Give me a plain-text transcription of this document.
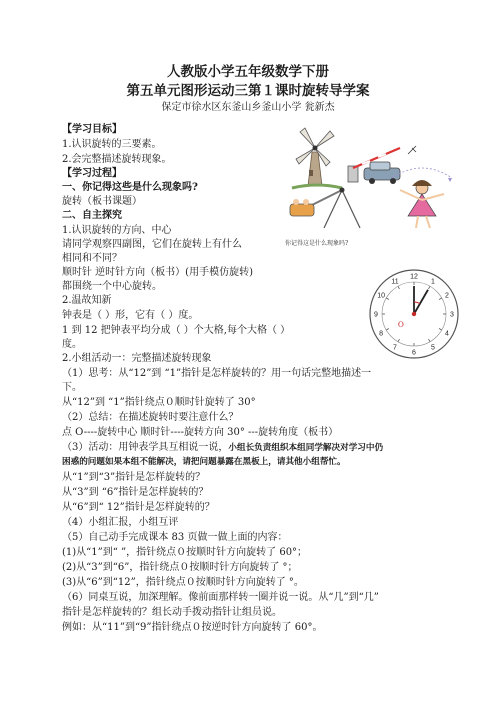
人教版小学五年级数学下册
第五单元图形运动三第１课时旋转导学案
保定市徐水区东釜山乡釜山小学 瓮新杰
【学习目标】
1.认识旋转的三要素。
2.会完整描述旋转现象。
【学习过程】
一、你记得这些是什么现象吗?
旋转（板书课题）
二、自主探究
1.认识旋转的方向、中心
请同学观察四副图，它们在旋转上有什么
相同和不同？
顺时针 逆时针方向（板书）(用手模仿旋转)
都围绕一个中心旋转。
2.温故知新
钟表是（ ）形，它有（ ）度。
1 到 12 把钟表平均分成（ ）个大格,每个大格（ ）
度。
2.小组活动一：完整描述旋转现象
（1）思考：从“12”到 “1”指针是怎样旋转的？用一句话完整地描述一
下。
从“12”到 “1”指针绕点０顺时针旋转了 30°
（2）总结：在描述旋转时要注意什么？
点 O----旋转中心 顺时针----旋转方向 30° ---旋转角度（板书）
（3）活动：用钟表学具互相说一说，小组长负责组织本组同学解决对学习中仍
困惑的问题如果本组不能解决，请把问题暴露在黑板上，请其他小组帮忙。
从“1”到“3”指针是怎样旋转的？
从“3”到 “6”指针是怎样旋转的？
从“6”到“ 12”指针是怎样旋转的？
（4）小组汇报，小组互评
（5）自己动手完成课本 83 页做一做上面的内容：
(1)从“1”到“ ”，指针绕点０按顺时针方向旋转了 60°；
(2)从“3”到“6”，指针绕点０按顺时针方向旋转了 °；
(3)从“6”到“12”，指针绕点０按顺时针方向旋转了 °。
（6）同桌互说，加深理解。像前面那样转一圈并说一说。从“几”到“几”
指针是怎样旋转的？组长动手拨动指针让组员说。
例如：从“11”到“9”指针绕点０按逆时针方向旋转了 60°。
你记得这是什么现象吗?
12
1
2
3
4
5
6
7
8
9
10
11
O
